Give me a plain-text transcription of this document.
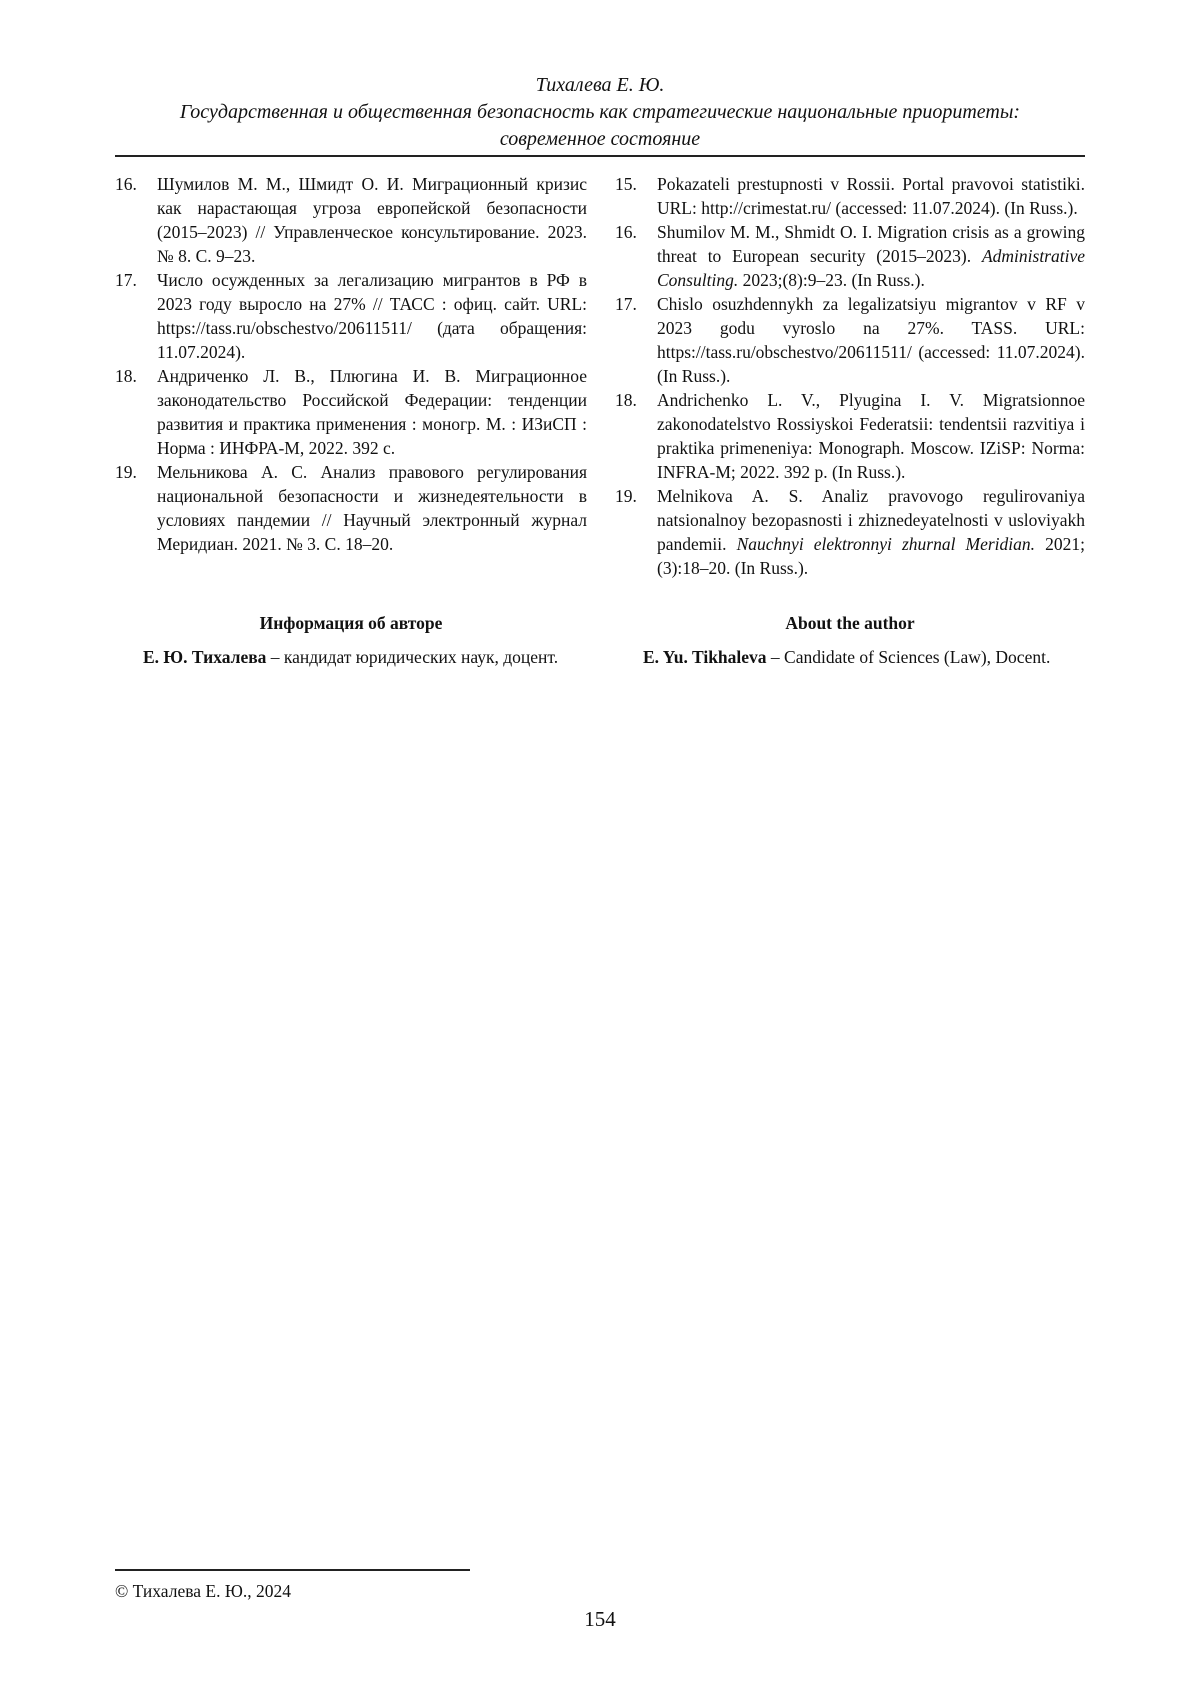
Тихалева Е. Ю.
Государственная и общественная безопасность как стратегические национальные приоритеты:
современное состояние
16. Шумилов М. М., Шмидт О. И. Миграционный кризис как нарастающая угроза европейской безопасности (2015–2023) // Управленческое консультирование. 2023. № 8. С. 9–23.
17. Число осужденных за легализацию мигрантов в РФ в 2023 году выросло на 27% // ТАСС : офиц. сайт. URL: https://tass.ru/obschestvo/20611511/ (дата обращения: 11.07.2024).
18. Андриченко Л. В., Плюгина И. В. Миграционное законодательство Российской Федерации: тенденции развития и практика применения : моногр. М. : ИЗиСП : Норма : ИНФРА-М, 2022. 392 с.
19. Мельникова А. С. Анализ правового регулирования национальной безопасности и жизнедеятельности в условиях пандемии // Научный электронный журнал Меридиан. 2021. № 3. С. 18–20.
15. Pokazateli prestupnosti v Rossii. Portal pravovoi statistiki. URL: http://crimestat.ru/ (accessed: 11.07.2024). (In Russ.).
16. Shumilov M. M., Shmidt O. I. Migration crisis as a growing threat to European security (2015–2023). Administrative Consulting. 2023;(8):9–23. (In Russ.).
17. Chislo osuzhdennykh za legalizatsiyu migrantov v RF v 2023 godu vyroslo na 27%. TASS. URL: https://tass.ru/obschestvo/20611511/ (accessed: 11.07.2024). (In Russ.).
18. Andrichenko L. V., Plyugina I. V. Migratsionnoe zakonodatelstvo Rossiyskoi Federatsii: tendentsii razvitiya i praktika primeneniya: Monograph. Moscow. IZiSP: Norma: INFRA-M; 2022. 392 p. (In Russ.).
19. Melnikova A. S. Analiz pravovogo regulirovaniya natsionalnoy bezopasnosti i zhiznedeyatelnosti v usloviyakh pandemii. Nauchnyi elektronnyi zhurnal Meridian. 2021;(3):18–20. (In Russ.).

Информация об авторе

Е. Ю. Тихалева – кандидат юридических наук, доцент.

About the author

E. Yu. Tikhaleva – Candidate of Sciences (Law), Docent.

© Тихалева Е. Ю., 2024
154
